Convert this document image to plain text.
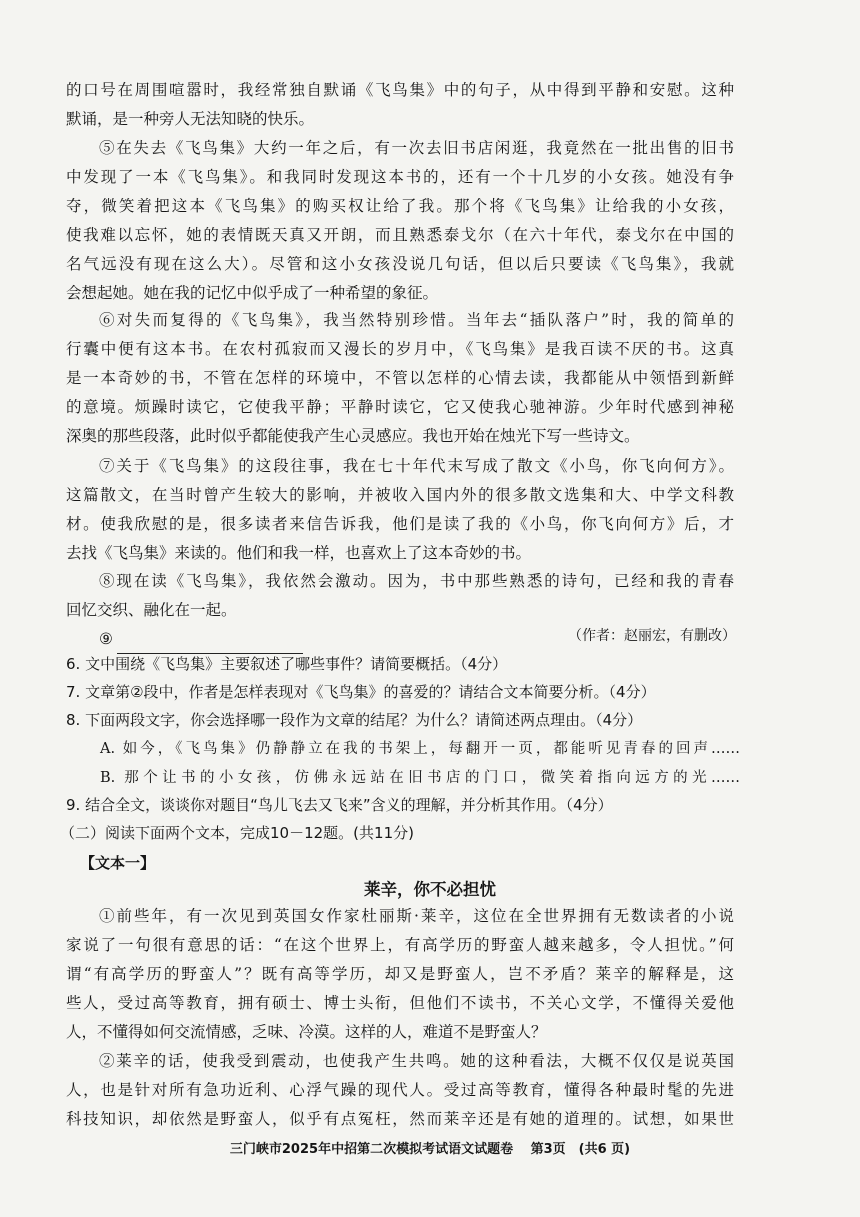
的口号在周围喧嚣时，我经常独自默诵《飞鸟集》中的句子，从中得到平静和安慰。这种
默诵，是一种旁人无法知晓的快乐。
⑤在失去《飞鸟集》大约一年之后，有一次去旧书店闲逛，我竟然在一批出售的旧书
中发现了一本《飞鸟集》。和我同时发现这本书的，还有一个十几岁的小女孩。她没有争
夺，微笑着把这本《飞鸟集》的购买权让给了我。那个将《飞鸟集》让给我的小女孩，
使我难以忘怀，她的表情既天真又开朗，而且熟悉泰戈尔（在六十年代，泰戈尔在中国的
名气远没有现在这么大）。尽管和这小女孩没说几句话，但以后只要读《飞鸟集》，我就
会想起她。她在我的记忆中似乎成了一种希望的象征。
⑥对失而复得的《飞鸟集》，我当然特别珍惜。当年去“插队落户”时，我的简单的
行囊中便有这本书。在农村孤寂而又漫长的岁月中，《飞鸟集》是我百读不厌的书。这真
是一本奇妙的书，不管在怎样的环境中，不管以怎样的心情去读，我都能从中领悟到新鲜
的意境。烦躁时读它，它使我平静；平静时读它，它又使我心驰神游。少年时代感到神秘
深奥的那些段落，此时似乎都能使我产生心灵感应。我也开始在烛光下写一些诗文。
⑦关于《飞鸟集》的这段往事，我在七十年代末写成了散文《小鸟，你飞向何方》。
这篇散文，在当时曾产生较大的影响，并被收入国内外的很多散文选集和大、中学文科教
材。使我欣慰的是，很多读者来信告诉我，他们是读了我的《小鸟，你飞向何方》后，才
去找《飞鸟集》来读的。他们和我一样，也喜欢上了这本奇妙的书。
⑧现在读《飞鸟集》，我依然会激动。因为，书中那些熟悉的诗句，已经和我的青春
回忆交织、融化在一起。
⑨	（作者：赵丽宏，有删改）
6. 文中围绕《飞鸟集》主要叙述了哪些事件？请简要概括。（4分）
7. 文章第②段中，作者是怎样表现对《飞鸟集》的喜爱的？请结合文本简要分析。（4分）
8. 下面两段文字，你会选择哪一段作为文章的结尾？为什么？请简述两点理由。（4分）
A. 如今，《飞鸟集》仍静静立在我的书架上，每翻开一页，都能听见青春的回声……
B. 那个让书的小女孩，仿佛永远站在旧书店的门口，微笑着指向远方的光……
9. 结合全文，谈谈你对题目“鸟儿飞去又飞来”含义的理解，并分析其作用。（4分）
（二）阅读下面两个文本，完成10－12题。(共11分)
【文本一】
莱辛，你不必担忧
①前些年，有一次见到英国女作家杜丽斯·莱辛，这位在全世界拥有无数读者的小说
家说了一句很有意思的话：“在这个世界上，有高学历的野蛮人越来越多，令人担忧。”何
谓“有高学历的野蛮人”？既有高等学历，却又是野蛮人，岂不矛盾？莱辛的解释是，这
些人，受过高等教育，拥有硕士、博士头衔，但他们不读书，不关心文学，不懂得关爱他
人，不懂得如何交流情感，乏味、冷漠。这样的人，难道不是野蛮人？
②莱辛的话，使我受到震动，也使我产生共鸣。她的这种看法，大概不仅仅是说英国
人，也是针对所有急功近利、心浮气躁的现代人。受过高等教育，懂得各种最时髦的先进
科技知识，却依然是野蛮人，似乎有点冤枉，然而莱辛还是有她的道理的。试想，如果世
三门峡市2025年中招第二次模拟考试语文试题卷　 第3页　(共6 页)
